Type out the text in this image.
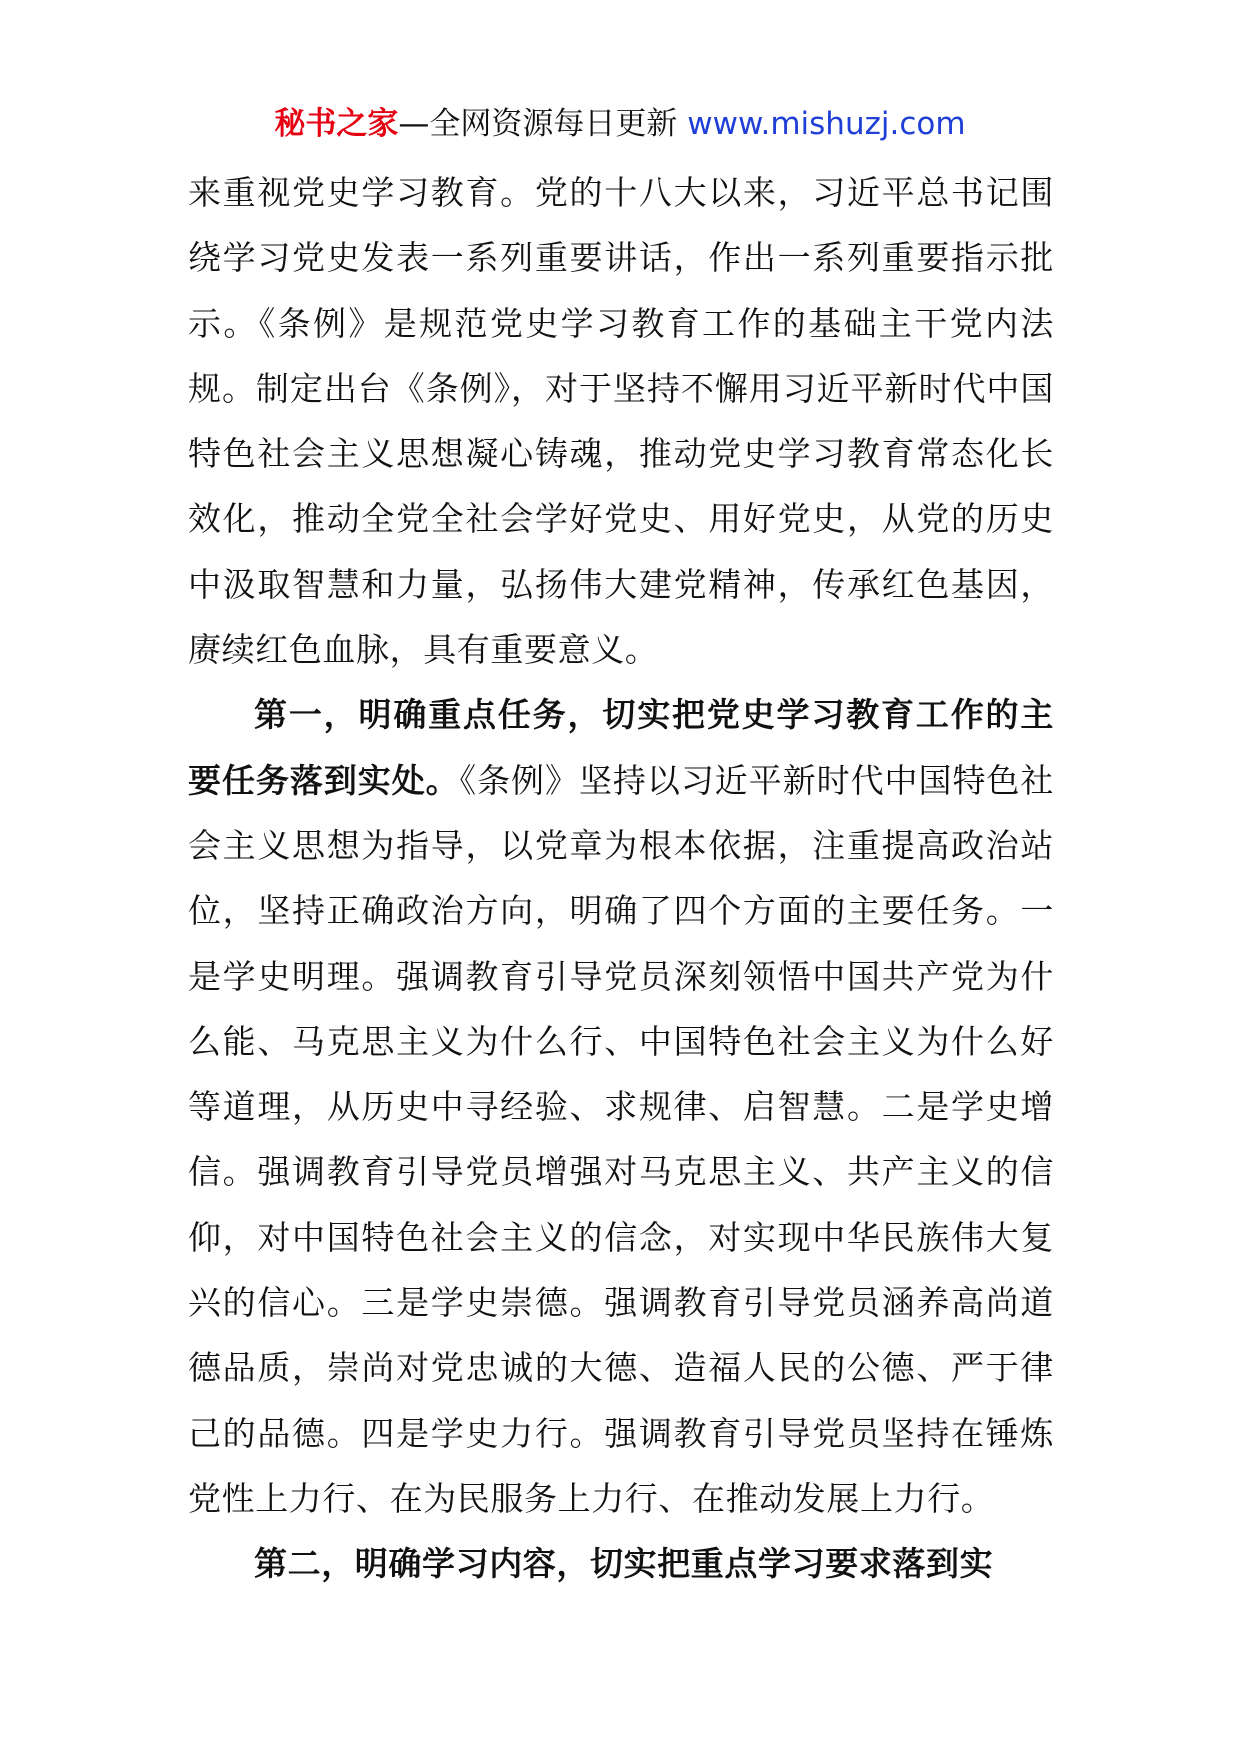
秘书之家—全网资源每日更新 www.mishuzj.com

来重视党史学习教育。党的十八大以来，习近平总书记围绕学习党史发表一系列重要讲话，作出一系列重要指示批示。《条例》是规范党史学习教育工作的基础主干党内法规。制定出台《条例》，对于坚持不懈用习近平新时代中国特色社会主义思想凝心铸魂，推动党史学习教育常态化长效化，推动全党全社会学好党史、用好党史，从党的历史中汲取智慧和力量，弘扬伟大建党精神，传承红色基因，赓续红色血脉，具有重要意义。

第一，明确重点任务，切实把党史学习教育工作的主要任务落到实处。《条例》坚持以习近平新时代中国特色社会主义思想为指导，以党章为根本依据，注重提高政治站位，坚持正确政治方向，明确了四个方面的主要任务。一是学史明理。强调教育引导党员深刻领悟中国共产党为什么能、马克思主义为什么行、中国特色社会主义为什么好等道理，从历史中寻经验、求规律、启智慧。二是学史增信。强调教育引导党员增强对马克思主义、共产主义的信仰，对中国特色社会主义的信念，对实现中华民族伟大复兴的信心。三是学史崇德。强调教育引导党员涵养高尚道德品质，崇尚对党忠诚的大德、造福人民的公德、严于律己的品德。四是学史力行。强调教育引导党员坚持在锤炼党性上力行、在为民服务上力行、在推动发展上力行。

第二，明确学习内容，切实把重点学习要求落到实
